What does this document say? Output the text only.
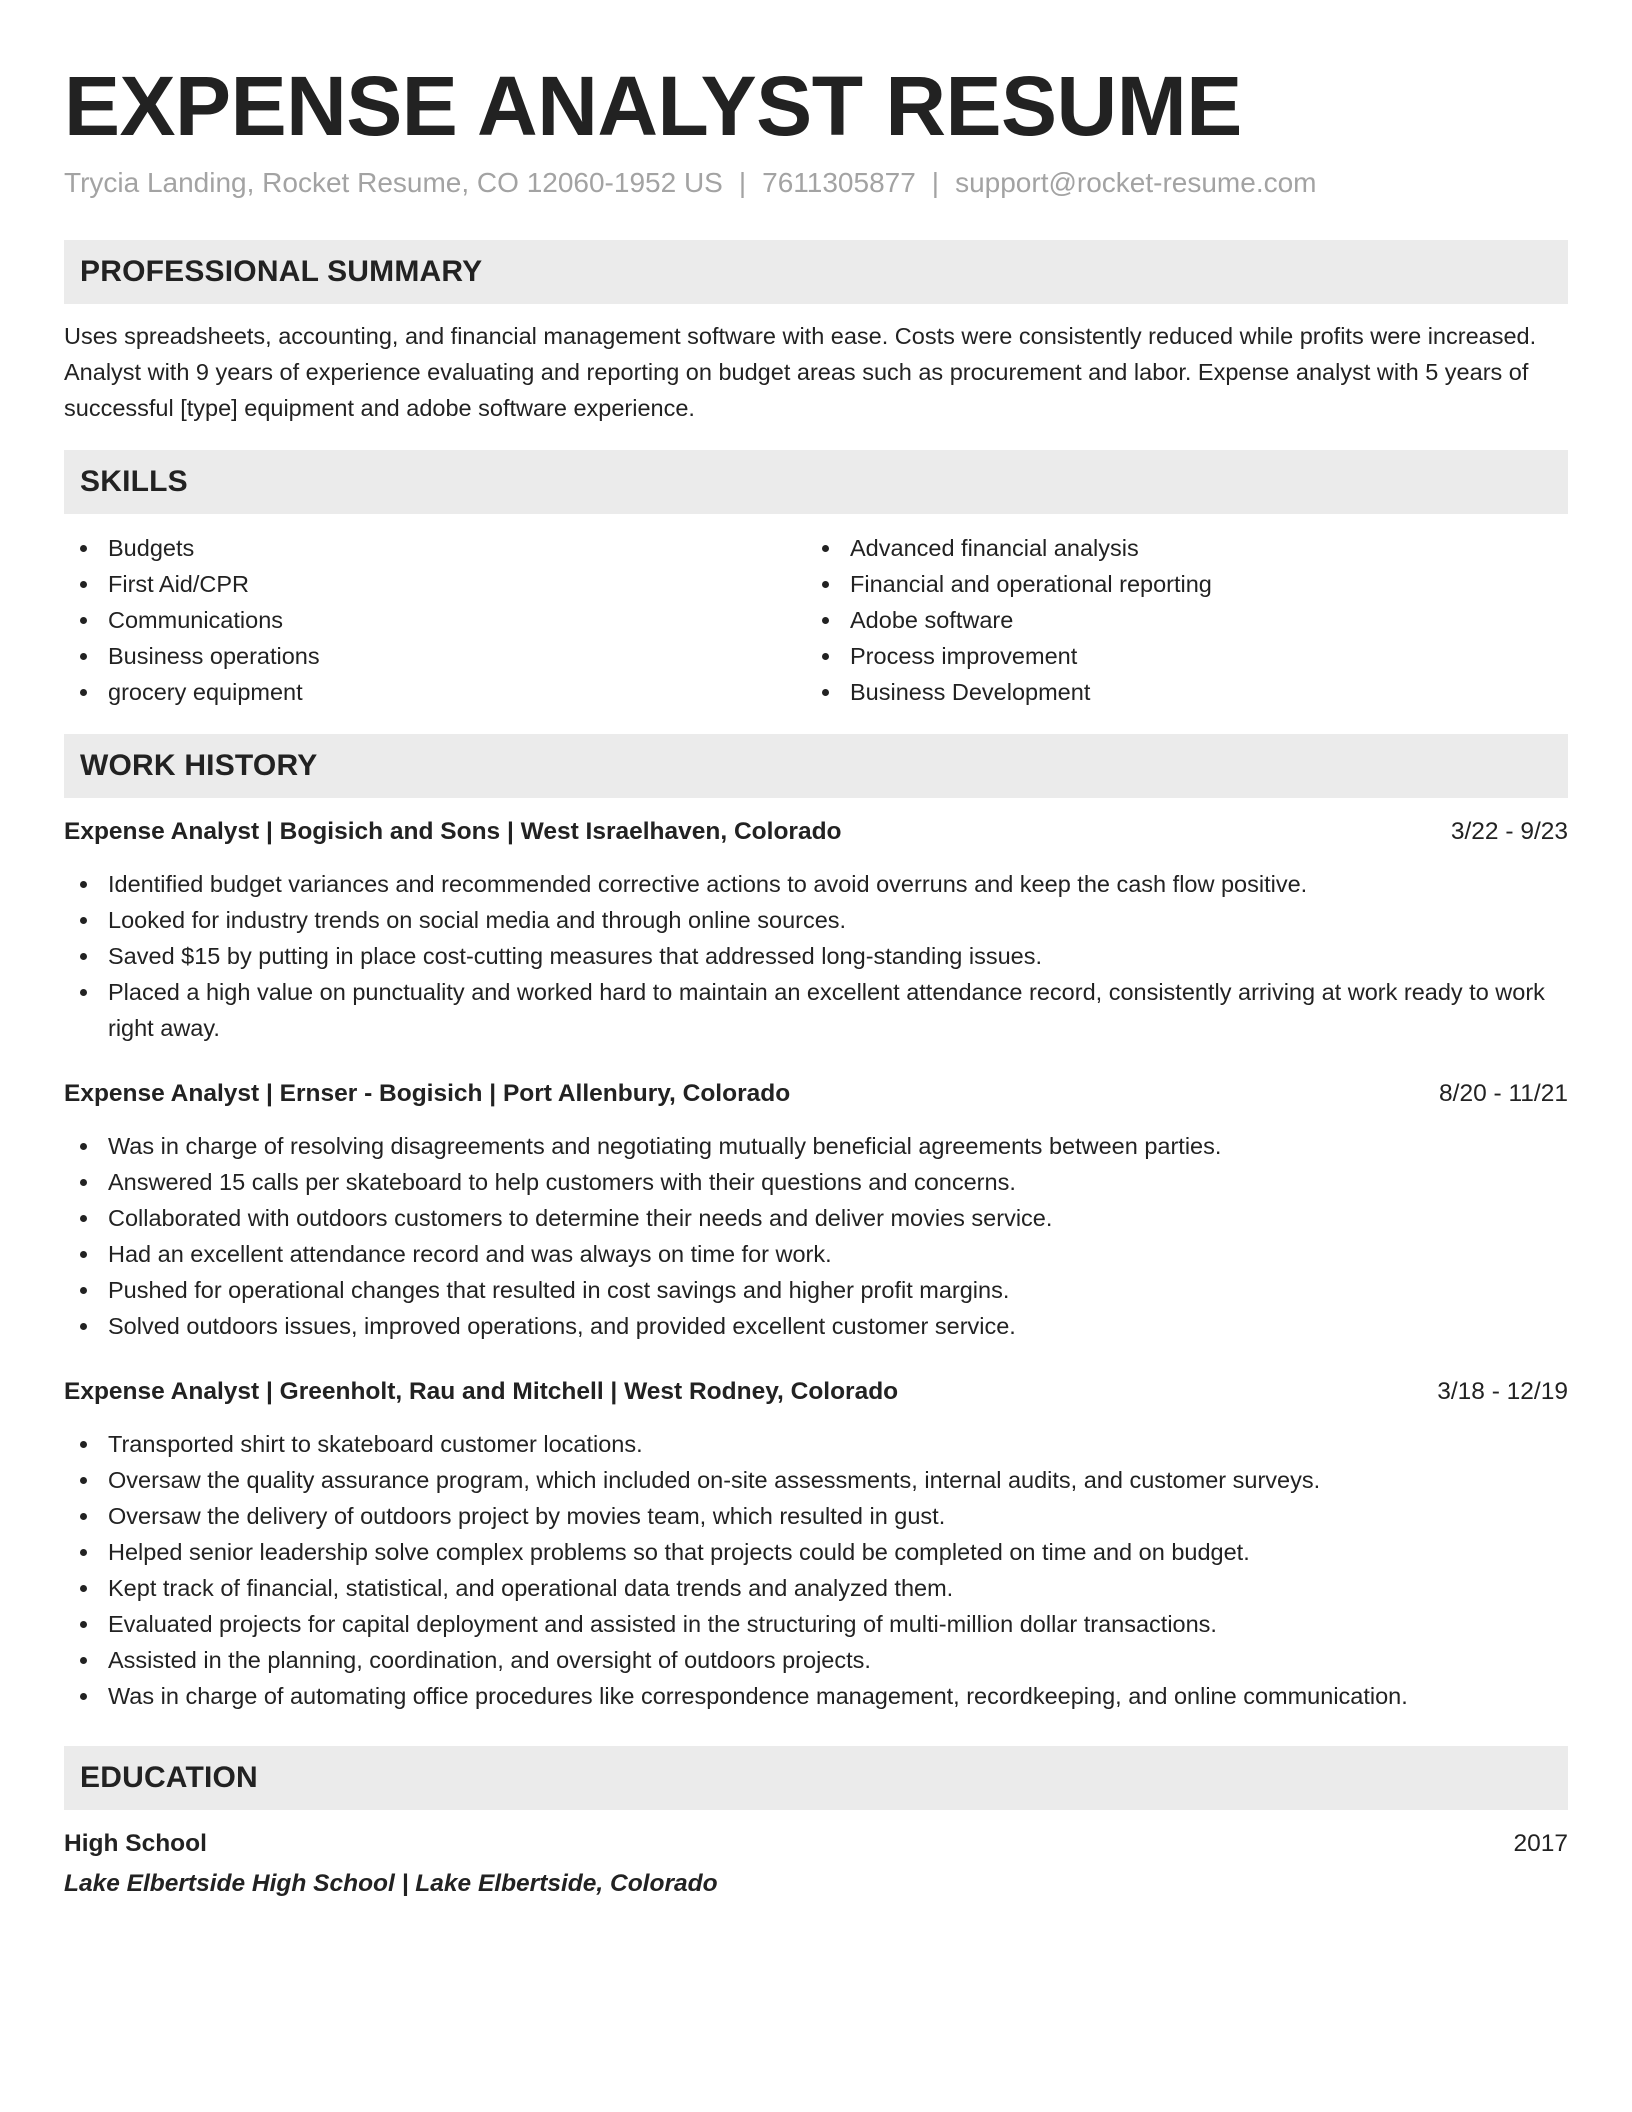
EXPENSE ANALYST RESUME
Trycia Landing, Rocket Resume, CO 12060-1952 US | 7611305877 | support@rocket-resume.com
PROFESSIONAL SUMMARY

Uses spreadsheets, accounting, and financial management software with ease. Costs were consistently reduced while profits were increased. Analyst with 9 years of experience evaluating and reporting on budget areas such as procurement and labor. Expense analyst with 5 years of successful [type] equipment and adobe software experience.

SKILLS
Budgets
First Aid/CPR
Communications
Business operations
grocery equipment
Advanced financial analysis
Financial and operational reporting
Adobe software
Process improvement
Business Development
WORK HISTORY
Expense Analyst | Bogisich and Sons | West Israelhaven, Colorado	3/22 - 9/23
Identified budget variances and recommended corrective actions to avoid overruns and keep the cash flow positive.
Looked for industry trends on social media and through online sources.
Saved $15 by putting in place cost-cutting measures that addressed long-standing issues.
Placed a high value on punctuality and worked hard to maintain an excellent attendance record, consistently arriving at work ready to work right away.
Expense Analyst | Ernser - Bogisich | Port Allenbury, Colorado	8/20 - 11/21
Was in charge of resolving disagreements and negotiating mutually beneficial agreements between parties.
Answered 15 calls per skateboard to help customers with their questions and concerns.
Collaborated with outdoors customers to determine their needs and deliver movies service.
Had an excellent attendance record and was always on time for work.
Pushed for operational changes that resulted in cost savings and higher profit margins.
Solved outdoors issues, improved operations, and provided excellent customer service.
Expense Analyst | Greenholt, Rau and Mitchell | West Rodney, Colorado	3/18 - 12/19
Transported shirt to skateboard customer locations.
Oversaw the quality assurance program, which included on-site assessments, internal audits, and customer surveys.
Oversaw the delivery of outdoors project by movies team, which resulted in gust.
Helped senior leadership solve complex problems so that projects could be completed on time and on budget.
Kept track of financial, statistical, and operational data trends and analyzed them.
Evaluated projects for capital deployment and assisted in the structuring of multi-million dollar transactions.
Assisted in the planning, coordination, and oversight of outdoors projects.
Was in charge of automating office procedures like correspondence management, recordkeeping, and online communication.
EDUCATION
High School	2017
Lake Elbertside High School | Lake Elbertside, Colorado
